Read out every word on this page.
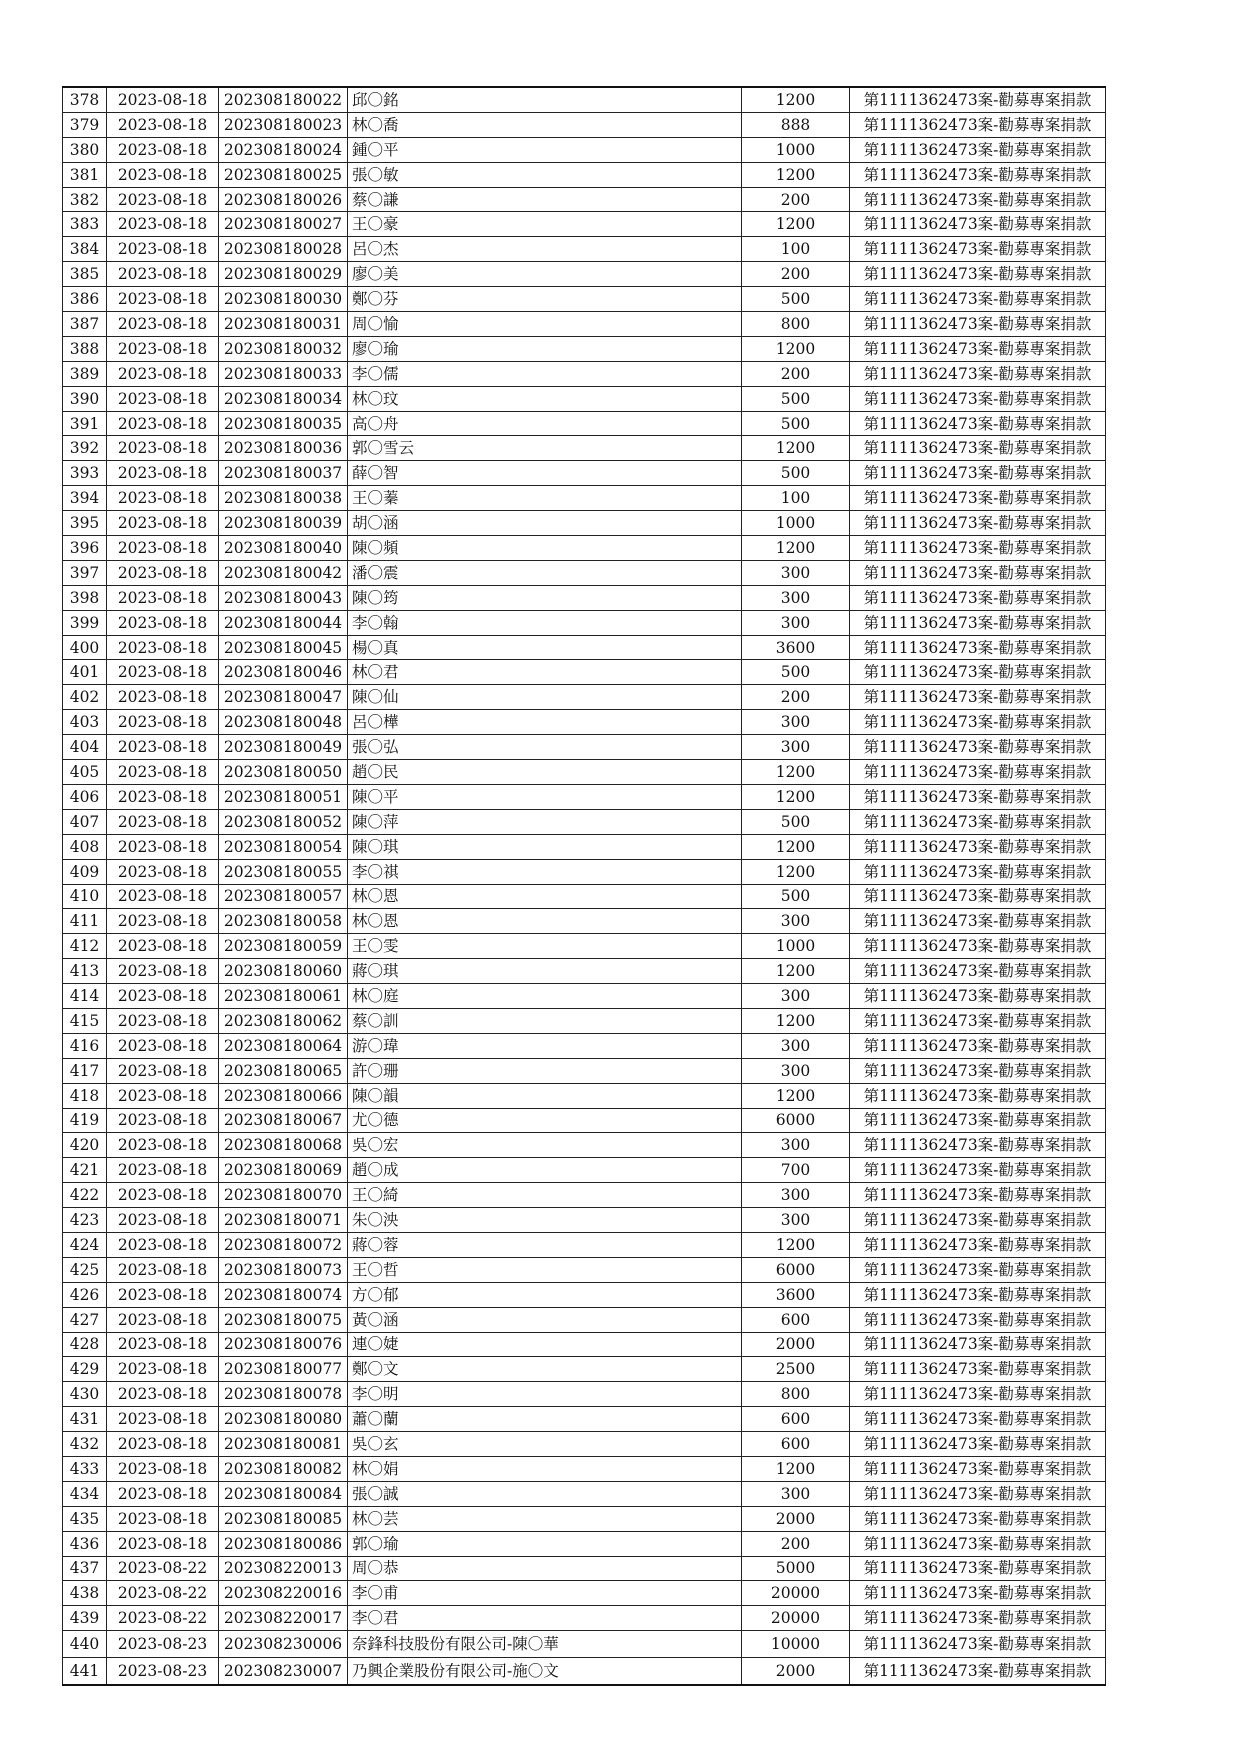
378	2023-08-18	202308180022	邱〇銘	1200	第1111362473案-勸募專案捐款
379	2023-08-18	202308180023	林〇喬	888	第1111362473案-勸募專案捐款
380	2023-08-18	202308180024	鍾〇平	1000	第1111362473案-勸募專案捐款
381	2023-08-18	202308180025	張〇敏	1200	第1111362473案-勸募專案捐款
382	2023-08-18	202308180026	蔡〇謙	200	第1111362473案-勸募專案捐款
383	2023-08-18	202308180027	王〇豪	1200	第1111362473案-勸募專案捐款
384	2023-08-18	202308180028	呂〇杰	100	第1111362473案-勸募專案捐款
385	2023-08-18	202308180029	廖〇美	200	第1111362473案-勸募專案捐款
386	2023-08-18	202308180030	鄭〇芬	500	第1111362473案-勸募專案捐款
387	2023-08-18	202308180031	周〇愉	800	第1111362473案-勸募專案捐款
388	2023-08-18	202308180032	廖〇瑜	1200	第1111362473案-勸募專案捐款
389	2023-08-18	202308180033	李〇儒	200	第1111362473案-勸募專案捐款
390	2023-08-18	202308180034	林〇玟	500	第1111362473案-勸募專案捐款
391	2023-08-18	202308180035	高〇舟	500	第1111362473案-勸募專案捐款
392	2023-08-18	202308180036	郭〇雪云	1200	第1111362473案-勸募專案捐款
393	2023-08-18	202308180037	薛〇智	500	第1111362473案-勸募專案捐款
394	2023-08-18	202308180038	王〇蓁	100	第1111362473案-勸募專案捐款
395	2023-08-18	202308180039	胡〇涵	1000	第1111362473案-勸募專案捐款
396	2023-08-18	202308180040	陳〇頻	1200	第1111362473案-勸募專案捐款
397	2023-08-18	202308180042	潘〇震	300	第1111362473案-勸募專案捐款
398	2023-08-18	202308180043	陳〇筠	300	第1111362473案-勸募專案捐款
399	2023-08-18	202308180044	李〇翰	300	第1111362473案-勸募專案捐款
400	2023-08-18	202308180045	楊〇真	3600	第1111362473案-勸募專案捐款
401	2023-08-18	202308180046	林〇君	500	第1111362473案-勸募專案捐款
402	2023-08-18	202308180047	陳〇仙	200	第1111362473案-勸募專案捐款
403	2023-08-18	202308180048	呂〇樺	300	第1111362473案-勸募專案捐款
404	2023-08-18	202308180049	張〇弘	300	第1111362473案-勸募專案捐款
405	2023-08-18	202308180050	趙〇民	1200	第1111362473案-勸募專案捐款
406	2023-08-18	202308180051	陳〇平	1200	第1111362473案-勸募專案捐款
407	2023-08-18	202308180052	陳〇萍	500	第1111362473案-勸募專案捐款
408	2023-08-18	202308180054	陳〇琪	1200	第1111362473案-勸募專案捐款
409	2023-08-18	202308180055	李〇祺	1200	第1111362473案-勸募專案捐款
410	2023-08-18	202308180057	林〇恩	500	第1111362473案-勸募專案捐款
411	2023-08-18	202308180058	林〇恩	300	第1111362473案-勸募專案捐款
412	2023-08-18	202308180059	王〇雯	1000	第1111362473案-勸募專案捐款
413	2023-08-18	202308180060	蔣〇琪	1200	第1111362473案-勸募專案捐款
414	2023-08-18	202308180061	林〇庭	300	第1111362473案-勸募專案捐款
415	2023-08-18	202308180062	蔡〇訓	1200	第1111362473案-勸募專案捐款
416	2023-08-18	202308180064	游〇瑋	300	第1111362473案-勸募專案捐款
417	2023-08-18	202308180065	許〇珊	300	第1111362473案-勸募專案捐款
418	2023-08-18	202308180066	陳〇韻	1200	第1111362473案-勸募專案捐款
419	2023-08-18	202308180067	尤〇德	6000	第1111362473案-勸募專案捐款
420	2023-08-18	202308180068	吳〇宏	300	第1111362473案-勸募專案捐款
421	2023-08-18	202308180069	趙〇成	700	第1111362473案-勸募專案捐款
422	2023-08-18	202308180070	王〇綺	300	第1111362473案-勸募專案捐款
423	2023-08-18	202308180071	朱〇泱	300	第1111362473案-勸募專案捐款
424	2023-08-18	202308180072	蔣〇蓉	1200	第1111362473案-勸募專案捐款
425	2023-08-18	202308180073	王〇哲	6000	第1111362473案-勸募專案捐款
426	2023-08-18	202308180074	方〇郁	3600	第1111362473案-勸募專案捐款
427	2023-08-18	202308180075	黃〇涵	600	第1111362473案-勸募專案捐款
428	2023-08-18	202308180076	連〇婕	2000	第1111362473案-勸募專案捐款
429	2023-08-18	202308180077	鄭〇文	2500	第1111362473案-勸募專案捐款
430	2023-08-18	202308180078	李〇明	800	第1111362473案-勸募專案捐款
431	2023-08-18	202308180080	蕭〇蘭	600	第1111362473案-勸募專案捐款
432	2023-08-18	202308180081	吳〇玄	600	第1111362473案-勸募專案捐款
433	2023-08-18	202308180082	林〇娟	1200	第1111362473案-勸募專案捐款
434	2023-08-18	202308180084	張〇誠	300	第1111362473案-勸募專案捐款
435	2023-08-18	202308180085	林〇芸	2000	第1111362473案-勸募專案捐款
436	2023-08-18	202308180086	郭〇瑜	200	第1111362473案-勸募專案捐款
437	2023-08-22	202308220013	周〇恭	5000	第1111362473案-勸募專案捐款
438	2023-08-22	202308220016	李〇甫	20000	第1111362473案-勸募專案捐款
439	2023-08-22	202308220017	李〇君	20000	第1111362473案-勸募專案捐款
440	2023-08-23	202308230006	奈鋒科技股份有限公司-陳〇華	10000	第1111362473案-勸募專案捐款
441	2023-08-23	202308230007	乃興企業股份有限公司-施〇文	2000	第1111362473案-勸募專案捐款
